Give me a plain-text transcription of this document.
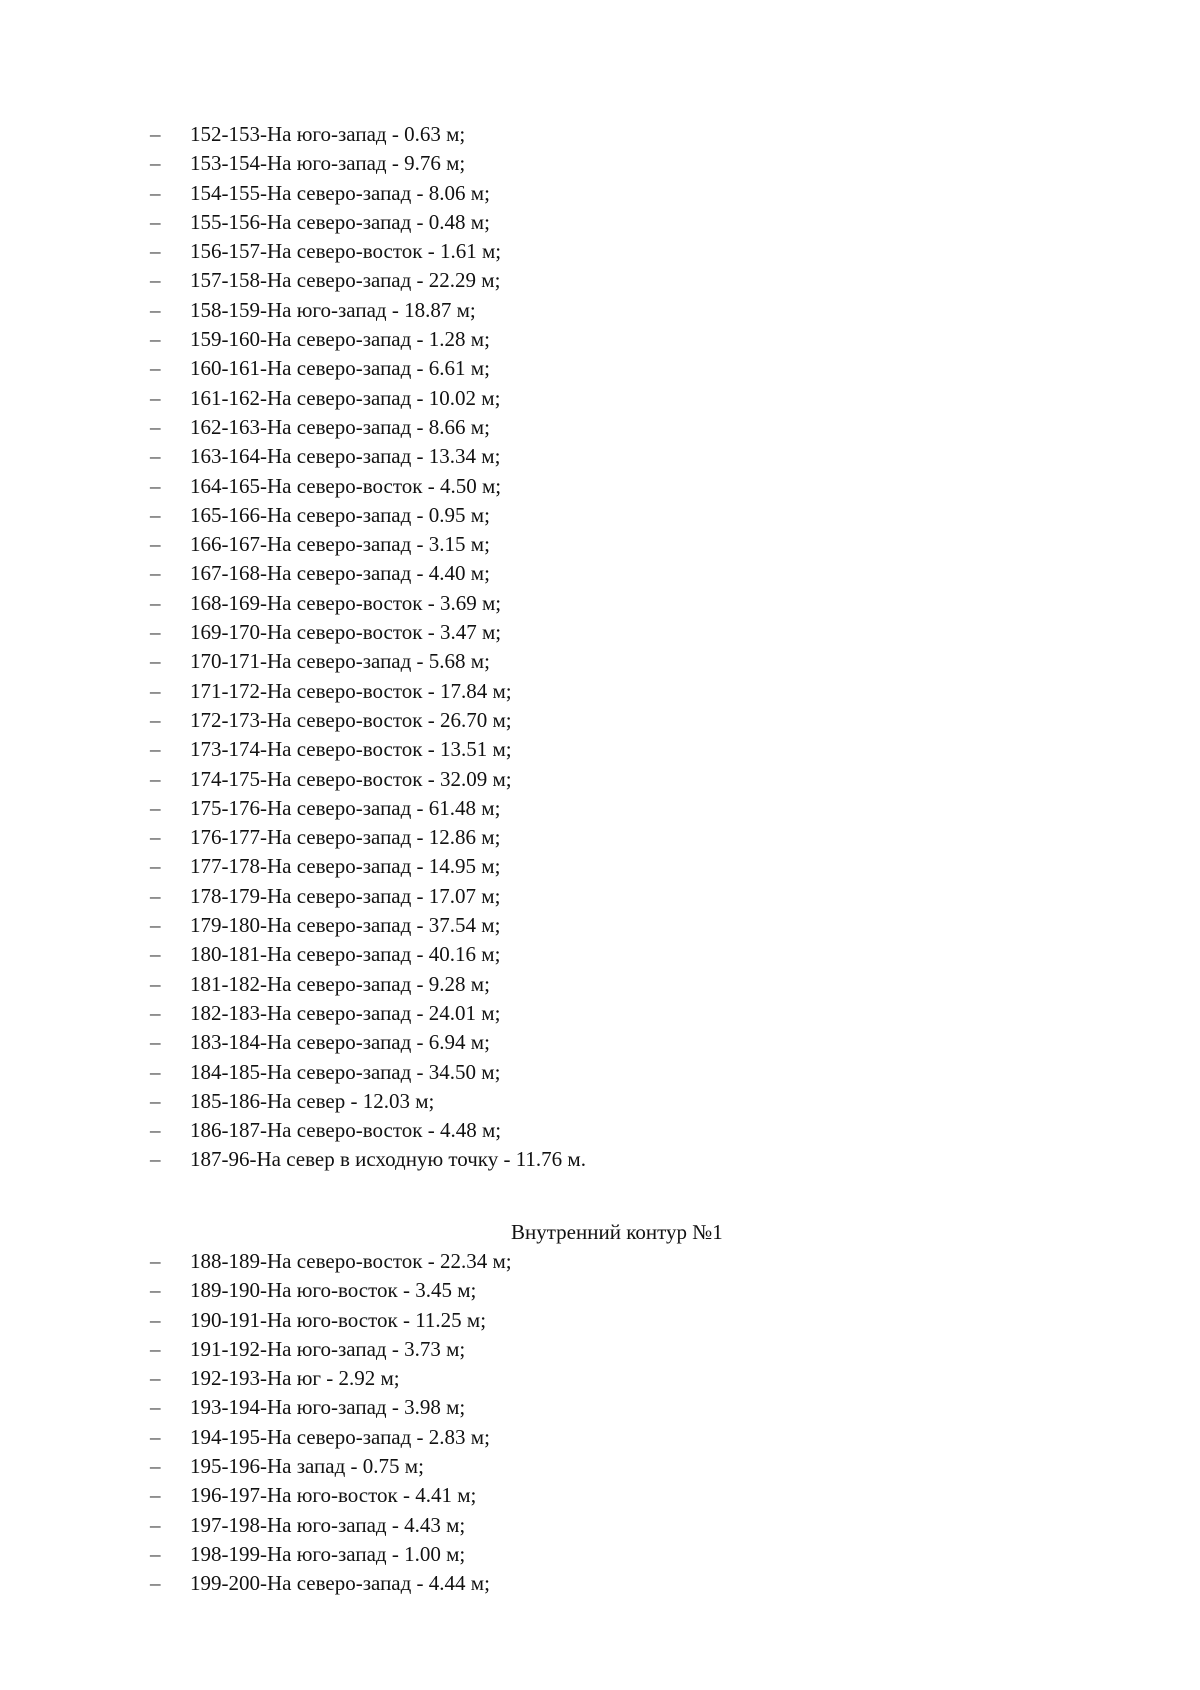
– 152-153-На юго-запад - 0.63 м;
– 153-154-На юго-запад - 9.76 м;
– 154-155-На северо-запад - 8.06 м;
– 155-156-На северо-запад - 0.48 м;
– 156-157-На северо-восток - 1.61 м;
– 157-158-На северо-запад - 22.29 м;
– 158-159-На юго-запад - 18.87 м;
– 159-160-На северо-запад - 1.28 м;
– 160-161-На северо-запад - 6.61 м;
– 161-162-На северо-запад - 10.02 м;
– 162-163-На северо-запад - 8.66 м;
– 163-164-На северо-запад - 13.34 м;
– 164-165-На северо-восток - 4.50 м;
– 165-166-На северо-запад - 0.95 м;
– 166-167-На северо-запад - 3.15 м;
– 167-168-На северо-запад - 4.40 м;
– 168-169-На северо-восток - 3.69 м;
– 169-170-На северо-восток - 3.47 м;
– 170-171-На северо-запад - 5.68 м;
– 171-172-На северо-восток - 17.84 м;
– 172-173-На северо-восток - 26.70 м;
– 173-174-На северо-восток - 13.51 м;
– 174-175-На северо-восток - 32.09 м;
– 175-176-На северо-запад - 61.48 м;
– 176-177-На северо-запад - 12.86 м;
– 177-178-На северо-запад - 14.95 м;
– 178-179-На северо-запад - 17.07 м;
– 179-180-На северо-запад - 37.54 м;
– 180-181-На северо-запад - 40.16 м;
– 181-182-На северо-запад - 9.28 м;
– 182-183-На северо-запад - 24.01 м;
– 183-184-На северо-запад - 6.94 м;
– 184-185-На северо-запад - 34.50 м;
– 185-186-На север - 12.03 м;
– 186-187-На северо-восток - 4.48 м;
– 187-96-На север в исходную точку - 11.76 м.
Внутренний контур №1
– 188-189-На северо-восток - 22.34 м;
– 189-190-На юго-восток - 3.45 м;
– 190-191-На юго-восток - 11.25 м;
– 191-192-На юго-запад - 3.73 м;
– 192-193-На юг - 2.92 м;
– 193-194-На юго-запад - 3.98 м;
– 194-195-На северо-запад - 2.83 м;
– 195-196-На запад - 0.75 м;
– 196-197-На юго-восток - 4.41 м;
– 197-198-На юго-запад - 4.43 м;
– 198-199-На юго-запад - 1.00 м;
– 199-200-На северо-запад - 4.44 м;
